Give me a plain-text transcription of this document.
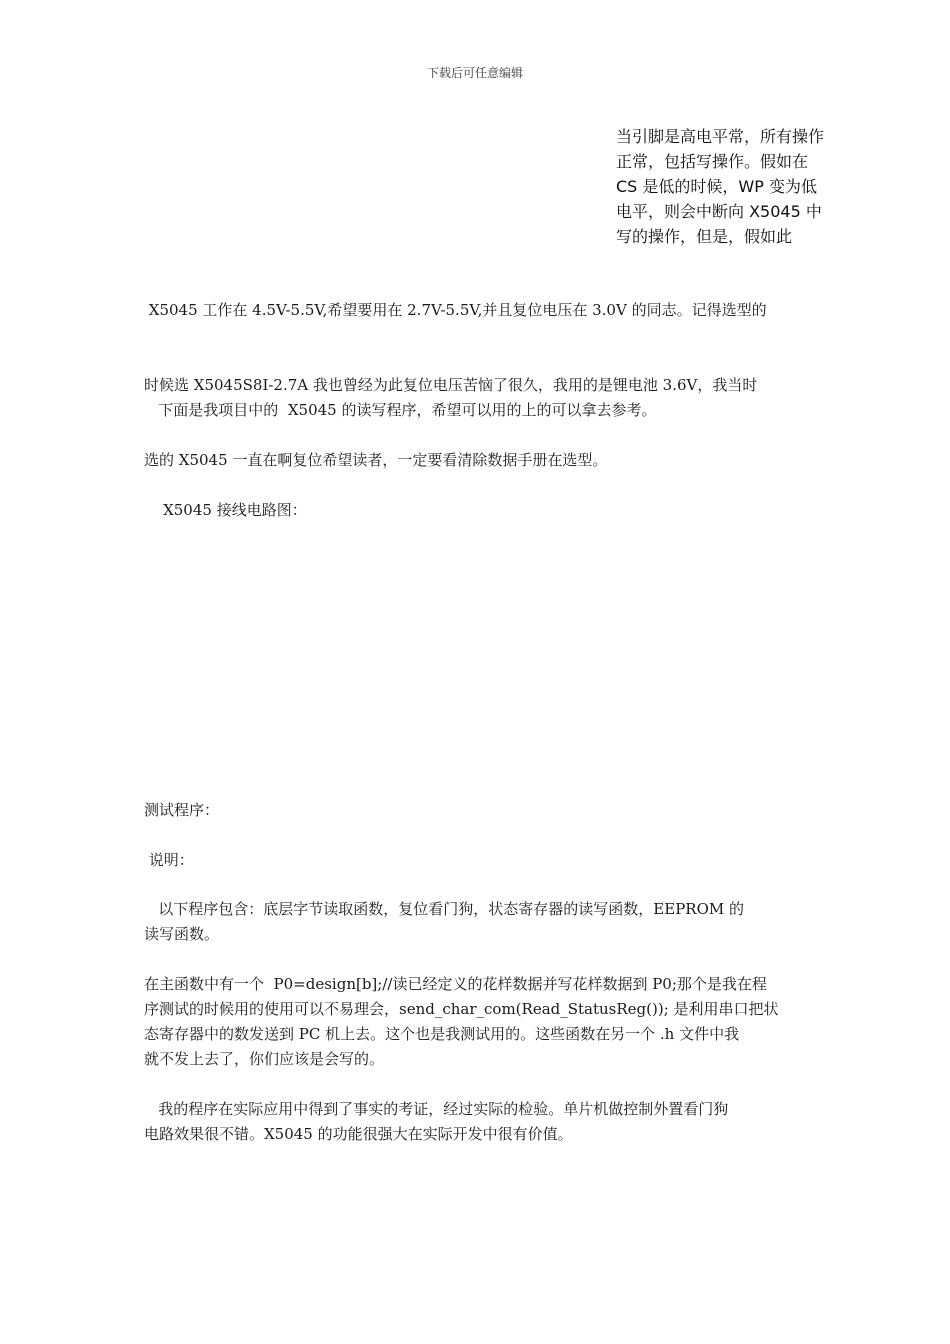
下载后可任意编辑
当引脚是高电平常，所有操作
正常，包括写操作。假如在
CS 是低的时候，WP 变为低
电平，则会中断向 X5045 中
写的操作，但是，假如此

X5045 工作在 4.5V-5.5V,希望要用在 2.7V-5.5V,并且复位电压在 3.0V 的同志。记得选型的

时候选 X5045S8I-2.7A 我也曾经为此复位电压苦恼了很久，我用的是锂电池 3.6V，我当时

选的 X5045 一直在啊复位希望读者，一定要看清除数据手册在选型。

下面是我项目中的  X5045 的读写程序，希望可以用的上的可以拿去参考。
X5045 接线电路图：
测试程序：
说明：
以下程序包含：底层字节读取函数，复位看门狗，状态寄存器的读写函数，EEPROM 的
读写函数。
在主函数中有一个  P0=design[b];//读已经定义的花样数据并写花样数据到 P0;那个是我在程
序测试的时候用的使用可以不易理会，send_char_com(Read_StatusReg()); 是利用串口把状
态寄存器中的数发送到 PC 机上去。这个也是我测试用的。这些函数在另一个 .h 文件中我
就不发上去了，你们应该是会写的。
我的程序在实际应用中得到了事实的考证，经过实际的检验。单片机做控制外置看门狗
电路效果很不错。X5045 的功能很强大在实际开发中很有价值。
